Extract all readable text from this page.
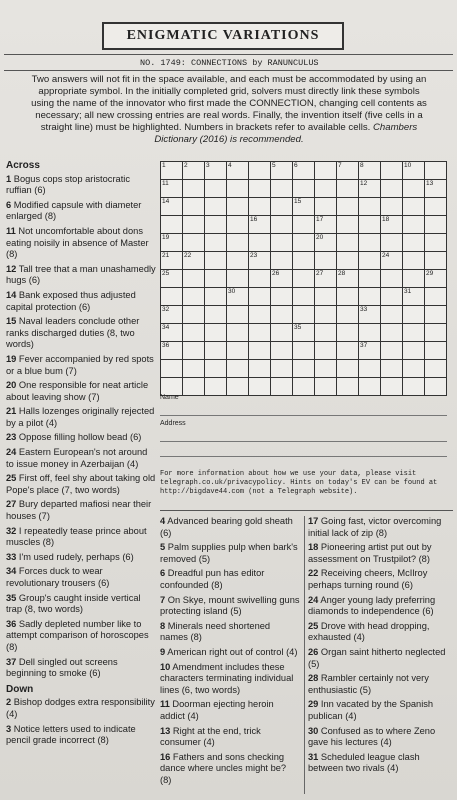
ENIGMATIC VARIATIONS
NO. 1749: CONNECTIONS by RANUNCULUS
Two answers will not fit in the space available, and each must be accommodated by using an appropriate symbol. In the initially completed grid, solvers must directly link these symbols using the name of the innovator who first made the CONNECTION, changing cell contents as necessary; all new crossing entries are real words. Finally, the invention itself (five cells in a straight line) must be highlighted. Numbers in brackets refer to available cells. Chambers Dictionary (2016) is recommended.
Across
1 Bogus cops stop aristocratic ruffian (6)
6 Modified capsule with diameter enlarged (8)
11 Not uncomfortable about dons eating noisily in absence of Master (8)
12 Tall tree that a man unashamedly hugs (6)
14 Bank exposed thus adjusted capital protection (6)
15 Naval leaders conclude other ranks discharged duties (8, two words)
19 Fever accompanied by red spots or a blue bum (7)
20 One responsible for neat article about leaving show (7)
21 Halls lozenges originally rejected by a pilot (4)
23 Oppose filling hollow bead (6)
24 Eastern European's not around to issue money in Azerbaijan (4)
25 First off, feel shy about taking old Pope's place (7, two words)
27 Bury departed mafiosi near their houses (7)
32 I repeatedly tease prince about muscles (8)
33 I'm used rudely, perhaps (6)
34 Forces duck to wear revolutionary trousers (6)
35 Group's caught inside vertical trap (8, two words)
36 Sadly depleted number like to attempt comparison of horoscopes (8)
37 Dell singled out screens beginning to smoke (6)
Down
2 Bishop dodges extra responsibility (4)
3 Notice letters used to indicate pencil grade incorrect (8)
1	2	3	4		5	6		7	8		10	

11									12			13

14						15						

				16			17			18		

19							20					

21	22			23						24		

25					26		27	28				29

			30								31	

32									33			

34						35						

36									37			

Name
Address
For more information about how we use your data, please visit telegraph.co.uk/privacypolicy. Hints on today's EV can be found at http://bigdave44.com (not a Telegraph website).
4 Advanced bearing gold sheath (6)
5 Palm supplies pulp when bark's removed (5)
6 Dreadful pun has editor confounded (8)
7 On Skye, mount swivelling guns protecting island (5)
8 Minerals need shortened names (8)
9 American right out of control (4)
10 Amendment includes these characters terminating individual lines (6, two words)
11 Doorman ejecting heroin addict (4)
13 Right at the end, trick consumer (4)
16 Fathers and sons checking dance where uncles might be? (8)
17 Going fast, victor overcoming initial lack of zip (8)
18 Pioneering artist put out by assessment on Trustpilot? (8)
22 Receiving cheers, McIlroy perhaps turning round (6)
24 Anger young lady preferring diamonds to independence (6)
25 Drove with head dropping, exhausted (4)
26 Organ saint hitherto neglected (5)
28 Rambler certainly not very enthusiastic (5)
29 Inn vacated by the Spanish publican (4)
30 Confused as to where Zeno gave his lectures (4)
31 Scheduled league clash between two rivals (4)
